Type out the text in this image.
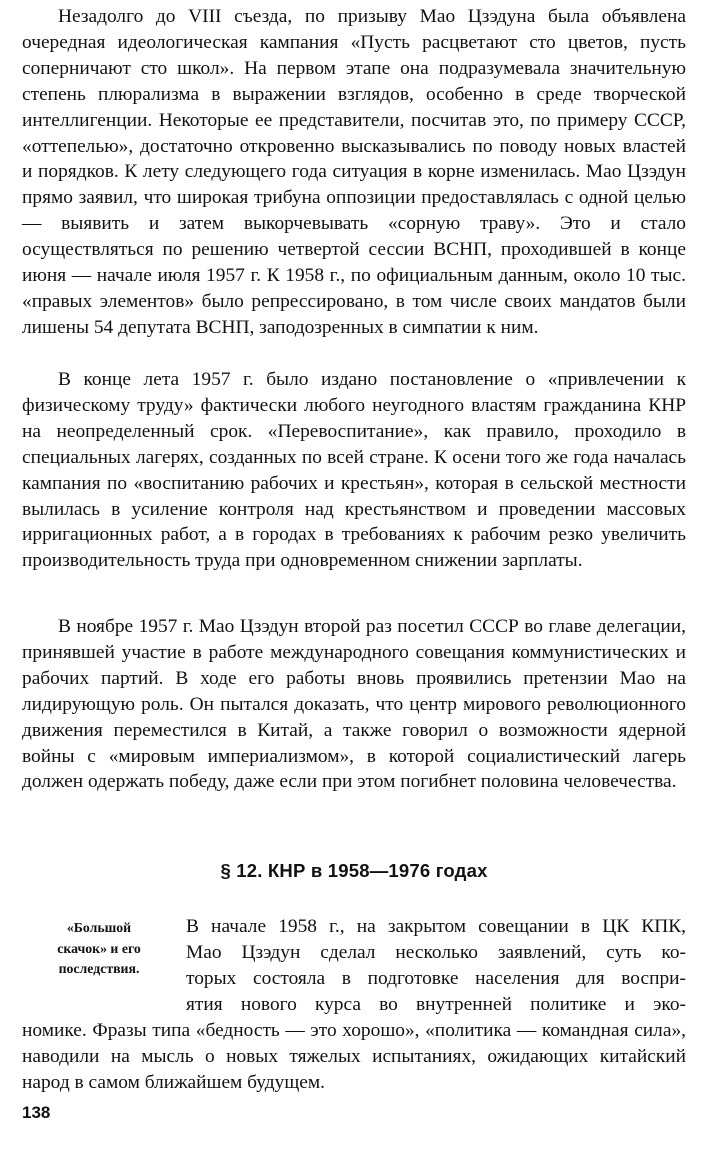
Незадолго до VIII съезда, по призыву Мао Цзэдуна была объявлена очередная идеологическая кампания «Пусть расцветают сто цветов, пусть соперничают сто школ». На первом этапе она подразумевала значительную степень плюрализма в выражении взглядов, особенно в среде творческой интеллигенции. Некоторые ее представители, посчитав это, по примеру СССР, «оттепелью», достаточно откровенно высказывались по поводу новых властей и порядков. К лету следующего года ситуация в корне изменилась. Мао Цзэдун прямо заявил, что широкая трибуна оппозиции предоставлялась с одной целью — выявить и затем выкорчевывать «сорную траву». Это и стало осуществляться по решению четвертой сессии ВСНП, проходившей в конце июня — начале июля 1957 г. К 1958 г., по официальным данным, около 10 тыс. «правых элементов» было репрессировано, в том числе своих мандатов были лишены 54 депутата ВСНП, заподозренных в симпатии к ним.

В конце лета 1957 г. было издано постановление о «привлечении к физическому труду» фактически любого неугодного властям гражданина КНР на неопределенный срок. «Перевоспитание», как правило, проходило в специальных лагерях, созданных по всей стране. К осени того же года началась кампания по «воспитанию рабочих и крестьян», которая в сельской местности вылилась в усиление контроля над крестьянством и проведении массовых ирригационных работ, а в городах в требованиях к рабочим резко увеличить производительность труда при одновременном снижении зарплаты.

В ноябре 1957 г. Мао Цзэдун второй раз посетил СССР во главе делегации, принявшей участие в работе международного совещания коммунистических и рабочих партий. В ходе его работы вновь проявились претензии Мао на лидирующую роль. Он пытался доказать, что центр мирового революционного движения переместился в Китай, а также говорил о возможности ядерной войны с «мировым империализмом», в которой социалистический лагерь должен одержать победу, даже если при этом погибнет половина человечества.

§ 12. КНР в 1958—1976 годах
«Большой
скачок» и его
последствия.
В начале 1958 г., на закрытом совещании в ЦК КПК,
Мао Цзэдун сделал несколько заявлений, суть ко-
торых состояла в подготовке населения для воспри-
ятия нового курса во внутренней политике и эко-

номике. Фразы типа «бедность — это хорошо», «политика — командная сила», наводили на мысль о новых тяжелых испытаниях, ожидающих китайский народ в самом ближайшем будущем.

138
